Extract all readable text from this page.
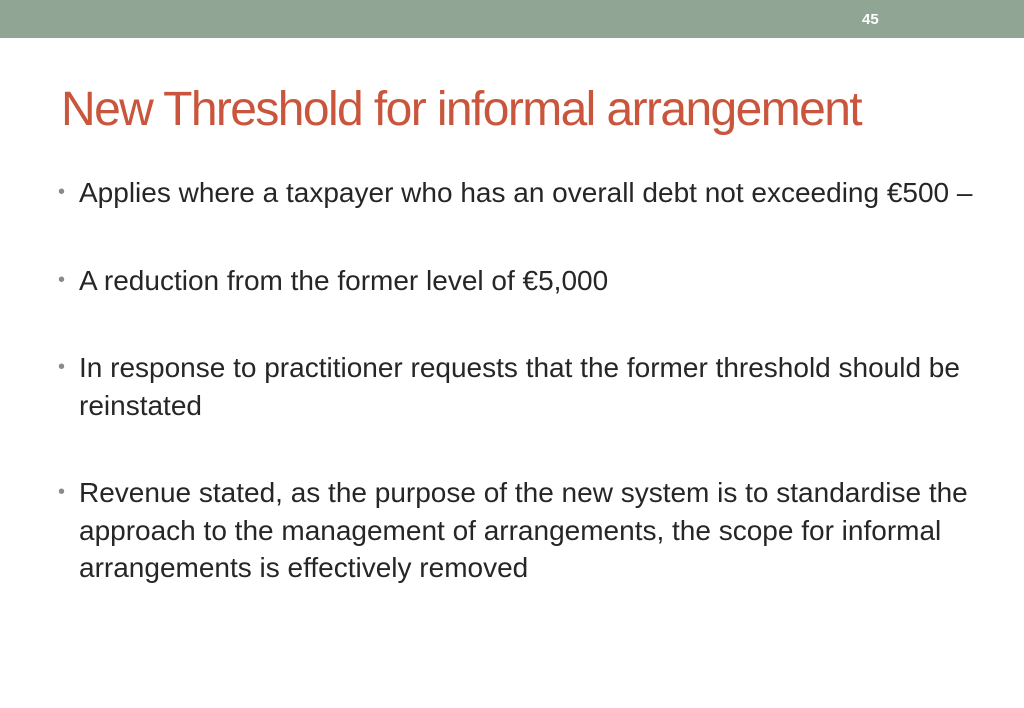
45
New Threshold for informal arrangement
• Applies where a taxpayer who has an overall debt not exceeding €500 –
• A reduction from the former level of €5,000
• In response to practitioner requests that the former threshold should be reinstated
• Revenue stated, as the purpose of the new system is to standardise the approach to the management of arrangements, the scope for informal arrangements is effectively removed
